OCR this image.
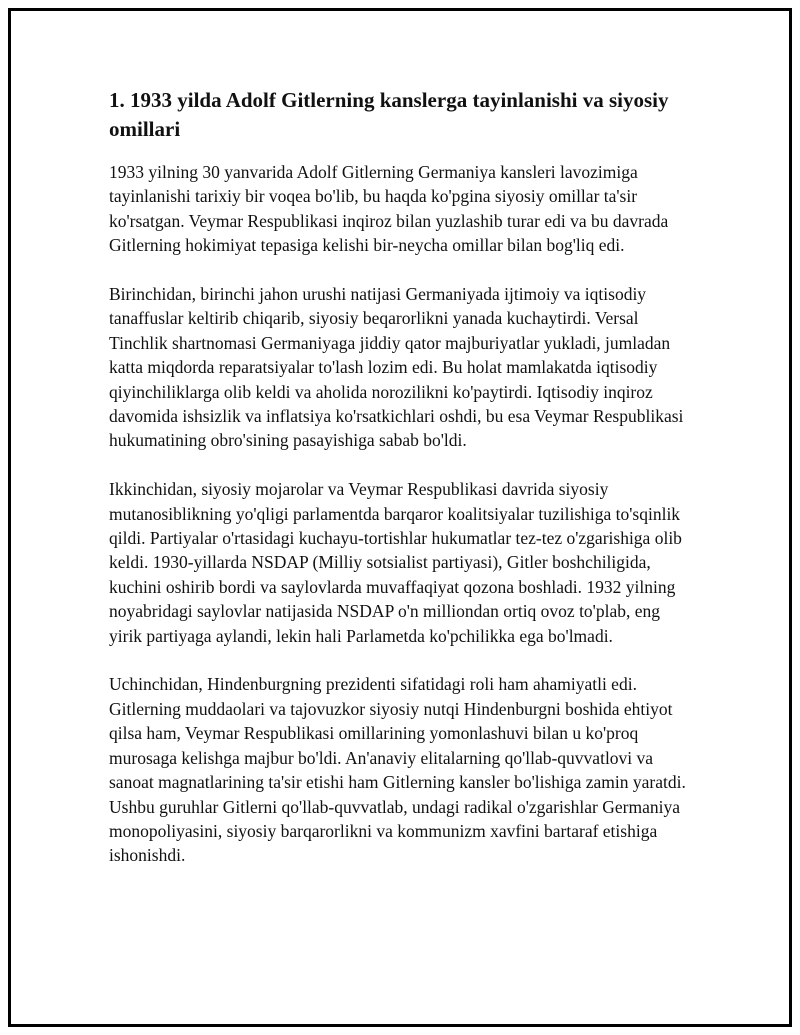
1. 1933 yilda Adolf Gitlerning kanslerga tayinlanishi va siyosiy omillari

1933 yilning 30 yanvarida Adolf Gitlerning Germaniya kansleri lavozimiga tayinlanishi tarixiy bir voqea bo'lib, bu haqda ko'pgina siyosiy omillar ta'sir ko'rsatgan. Veymar Respublikasi inqiroz bilan yuzlashib turar edi va bu davrada Gitlerning hokimiyat tepasiga kelishi bir-neycha omillar bilan bog'liq edi.

Birinchidan, birinchi jahon urushi natijasi Germaniyada ijtimoiy va iqtisodiy tanaffuslar keltirib chiqarib, siyosiy beqarorlikni yanada kuchaytirdi. Versal Tinchlik shartnomasi Germaniyaga jiddiy qator majburiyatlar yukladi, jumladan katta miqdorda reparatsiyalar to'lash lozim edi. Bu holat mamlakatda iqtisodiy qiyinchiliklarga olib keldi va aholida norozilikni ko'paytirdi. Iqtisodiy inqiroz davomida ishsizlik va inflatsiya ko'rsatkichlari oshdi, bu esa Veymar Respublikasi hukumatining obro'sining pasayishiga sabab bo'ldi.

Ikkinchidan, siyosiy mojarolar va Veymar Respublikasi davrida siyosiy mutanosiblikning yo'qligi parlamentda barqaror koalitsiyalar tuzilishiga to'sqinlik qildi. Partiyalar o'rtasidagi kuchayu-tortishlar hukumatlar tez-tez o'zgarishiga olib keldi. 1930-yillarda NSDAP (Milliy sotsialist partiyasi), Gitler boshchiligida, kuchini oshirib bordi va saylovlarda muvaffaqiyat qozona boshladi. 1932 yilning noyabridagi saylovlar natijasida NSDAP o'n milliondan ortiq ovoz to'plab, eng yirik partiyaga aylandi, lekin hali Parlametda ko'pchilikka ega bo'lmadi.

Uchinchidan, Hindenburgning prezidenti sifatidagi roli ham ahamiyatli edi. Gitlerning muddaolari va tajovuzkor siyosiy nutqi Hindenburgni boshida ehtiyot qilsa ham, Veymar Respublikasi omillarining yomonlashuvi bilan u ko'proq murosaga kelishga majbur bo'ldi. An'anaviy elitalarning qo'llab-quvvatlovi va sanoat magnatlarining ta'sir etishi ham Gitlerning kansler bo'lishiga zamin yaratdi. Ushbu guruhlar Gitlerni qo'llab-quvvatlab, undagi radikal o'zgarishlar Germaniya monopoliyasini, siyosiy barqarorlikni va kommunizm xavfini bartaraf etishiga ishonishdi.
